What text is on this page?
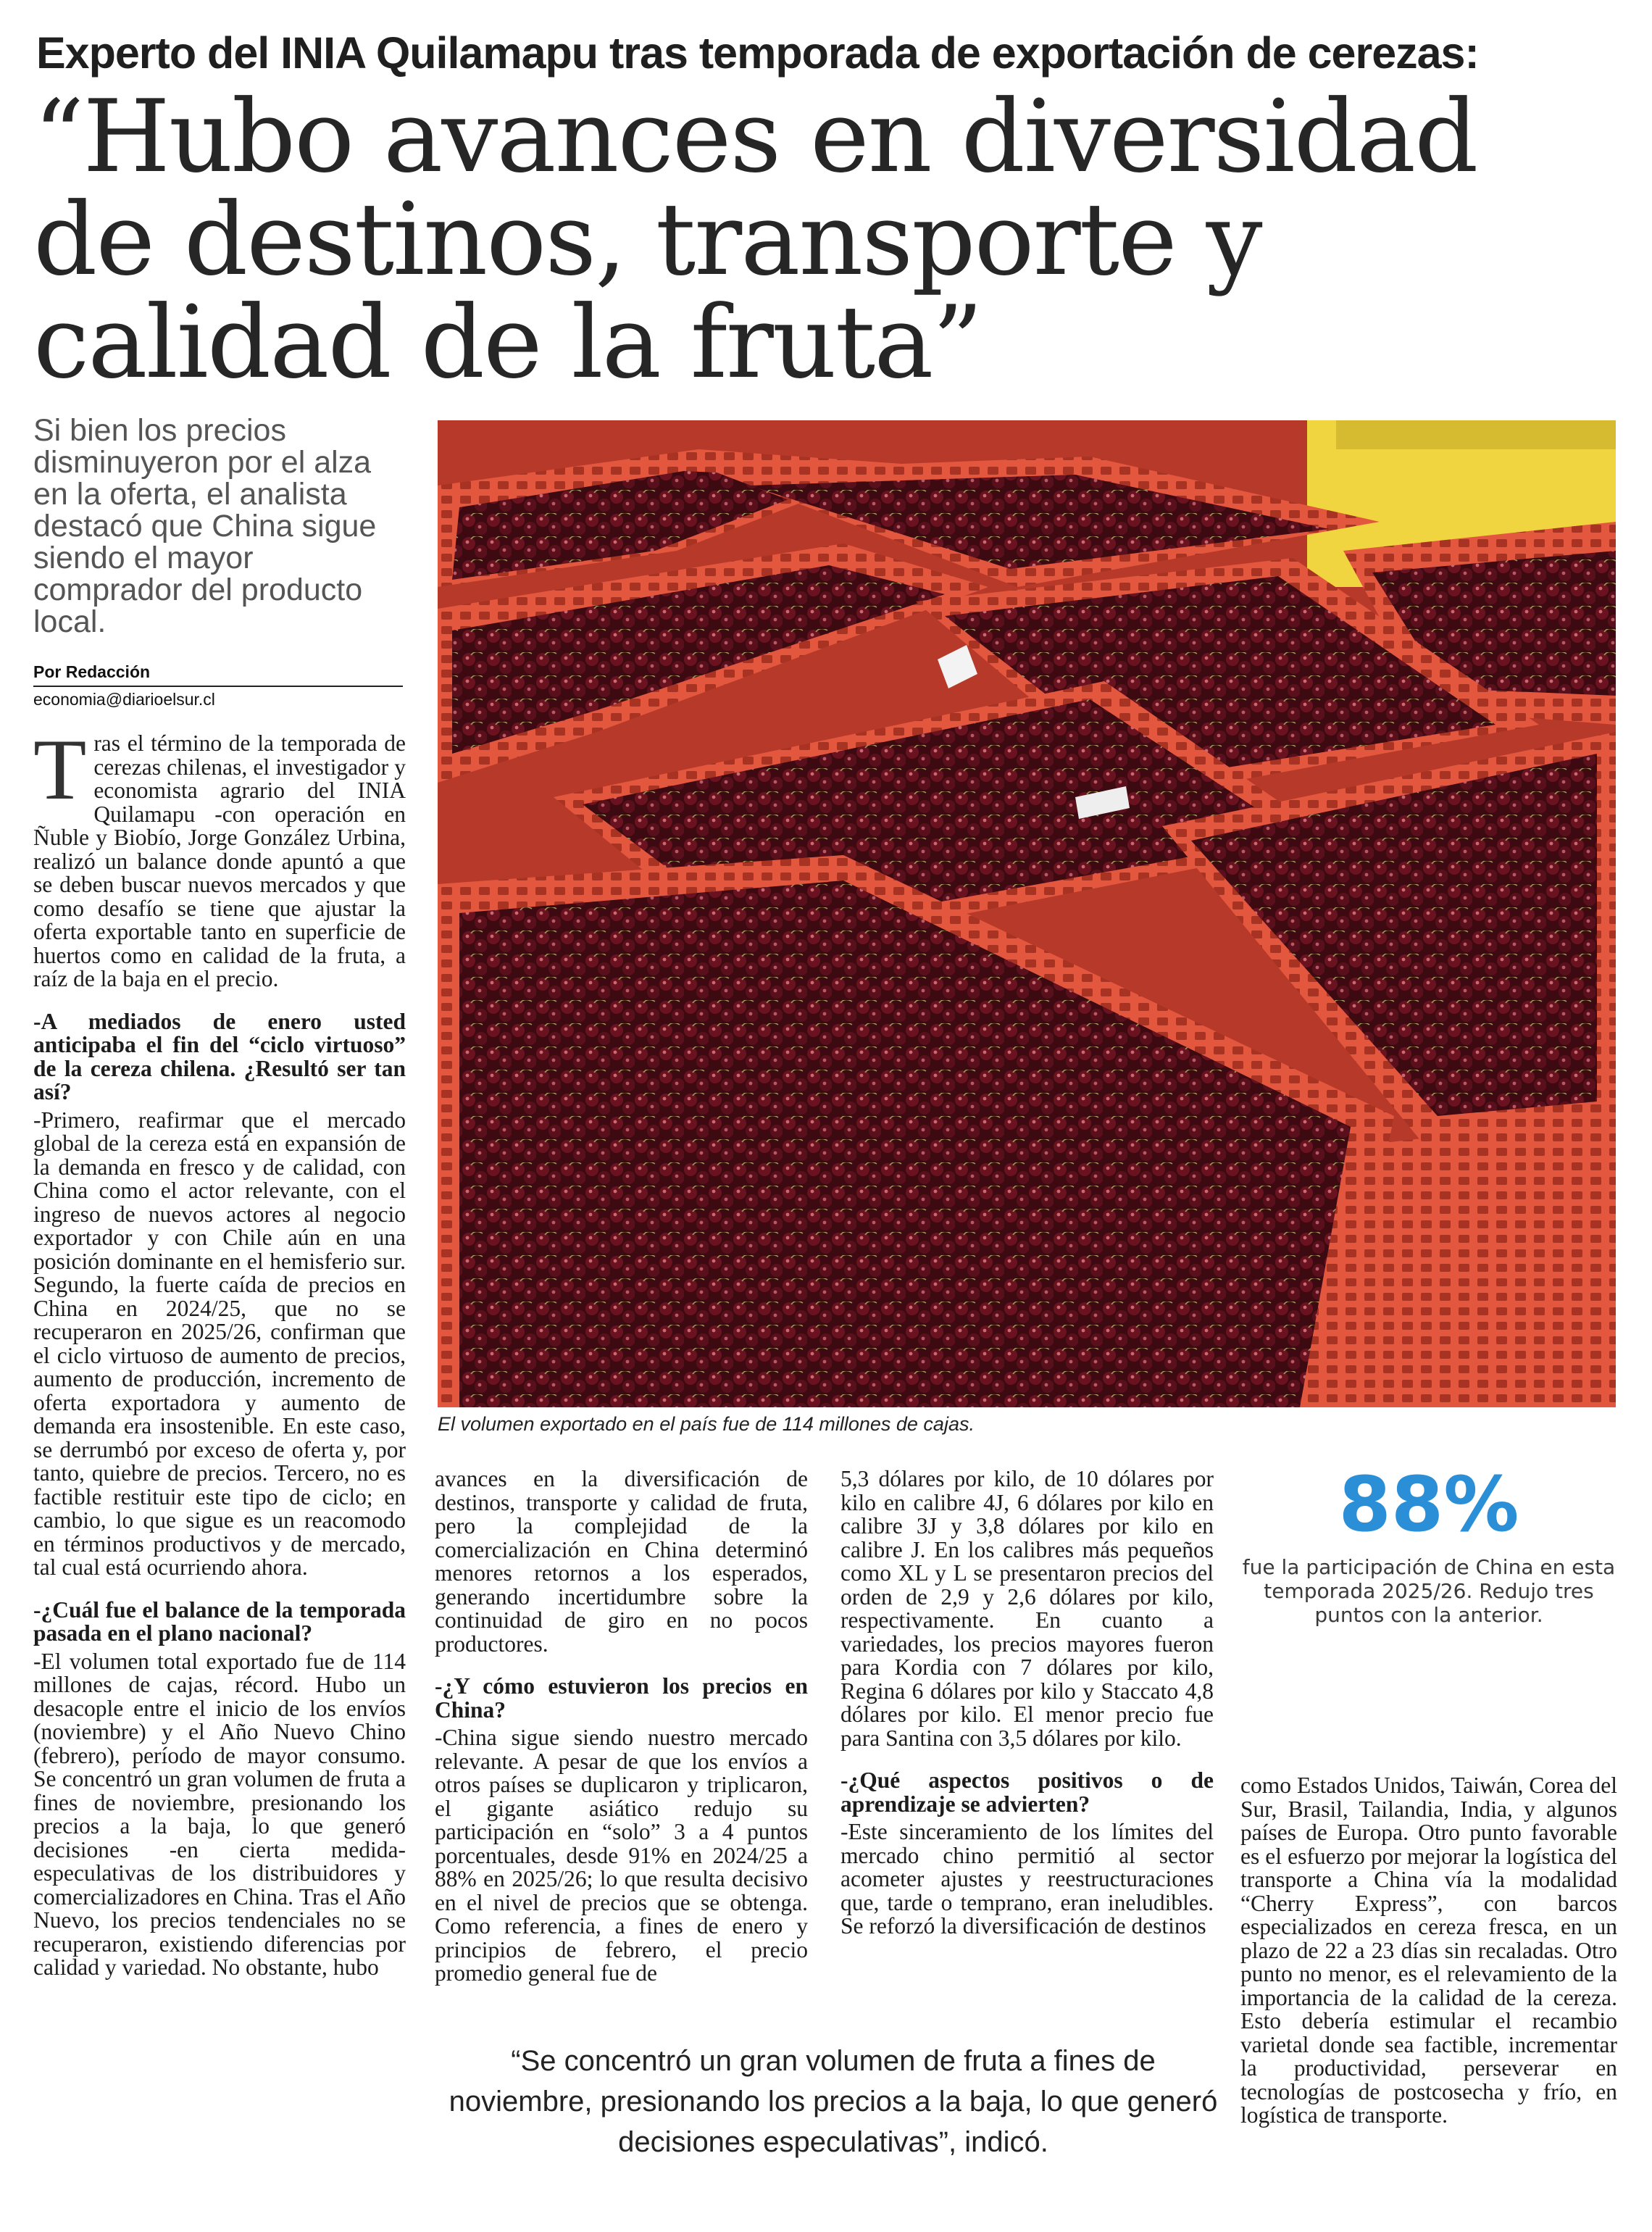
Experto del INIA Quilamapu tras temporada de exportación de cerezas:
“Hubo avances en diversidad
de destinos, transporte y
calidad de la fruta”
Si bien los precios disminuyeron por el alza en la oferta, el analista destacó que China sigue siendo el mayor comprador del producto local.
Por Redacción
economia@diarioelsur.cl
El volumen exportado en el país fue de 114 millones de cajas.

Tras el término de la temporada de cerezas chilenas, el investigador y economista agrario del INIA Quilamapu -con operación en Ñuble y Biobío, Jorge González Urbina, realizó un balance donde apuntó a que se deben buscar nuevos mercados y que como desafío se tiene que ajustar la oferta exportable tanto en superficie de huertos como en calidad de la fruta, a raíz de la baja en el precio.

-A mediados de enero usted anticipaba el fin del “ciclo virtuoso” de la cereza chilena. ¿Resultó ser tan así?

-Primero, reafirmar que el mercado global de la cereza está en expansión de la demanda en fresco y de calidad, con China como el actor relevante, con el ingreso de nuevos actores al negocio exportador y con Chile aún en una posición dominante en el hemisferio sur. Segundo, la fuerte caída de precios en China en 2024/25, que no se recuperaron en 2025/26, confirman que el ciclo virtuoso de aumento de precios, aumento de producción, incremento de oferta exportadora y aumento de demanda era insostenible. En este caso, se derrumbó por exceso de oferta y, por tanto, quiebre de precios. Tercero, no es factible restituir este tipo de ciclo; en cambio, lo que sigue es un reacomodo en términos productivos y de mercado, tal cual está ocurriendo ahora.

-¿Cuál fue el balance de la temporada pasada en el plano nacional?

-El volumen total exportado fue de 114 millones de cajas, récord. Hubo un desacople entre el inicio de los envíos (noviembre) y el Año Nuevo Chino (febrero), período de mayor consumo. Se concentró un gran volumen de fruta a fines de noviembre, presionando los precios a la baja, lo que generó decisiones -en cierta medida- especulativas de los distribuidores y comercializadores en China. Tras el Año Nuevo, los precios tendenciales no se recuperaron, existiendo diferencias por calidad y variedad. No obstante, hubo

avances en la diversificación de destinos, transporte y calidad de fruta, pero la complejidad de la comercialización en China determinó menores retornos a los esperados, generando incertidumbre sobre la continuidad de giro en no pocos productores.

-¿Y cómo estuvieron los precios en China?

-China sigue siendo nuestro mercado relevante. A pesar de que los envíos a otros países se duplicaron y triplicaron, el gigante asiático redujo su participación en “solo” 3 a 4 puntos porcentuales, desde 91% en 2024/25 a 88% en 2025/26; lo que resulta decisivo en el nivel de precios que se obtenga. Como referencia, a fines de enero y principios de febrero, el precio promedio general fue de

5,3 dólares por kilo, de 10 dólares por kilo en calibre 4J, 6 dólares por kilo en calibre 3J y 3,8 dólares por kilo en calibre J. En los calibres más pequeños como XL y L se presentaron precios del orden de 2,9 y 2,6 dólares por kilo, respectivamente. En cuanto a variedades, los precios mayores fueron para Kordia con 7 dólares por kilo, Regina 6 dólares por kilo y Staccato 4,8 dólares por kilo. El menor precio fue para Santina con 3,5 dólares por kilo.

-¿Qué aspectos positivos o de aprendizaje se advierten?

-Este sinceramiento de los límites del mercado chino permitió al sector acometer ajustes y reestructuraciones que, tarde o temprano, eran ineludibles. Se reforzó la diversificación de destinos

88%
fue la participación de China en esta temporada 2025/26. Redujo tres puntos con la anterior.

como Estados Unidos, Taiwán, Corea del Sur, Brasil, Tailandia, India, y algunos países de Europa. Otro punto favorable es el esfuerzo por mejorar la logística del transporte a China vía la modalidad “Cherry Express”, con barcos especializados en cereza fresca, en un plazo de 22 a 23 días sin recaladas. Otro punto no menor, es el relevamiento de la importancia de la calidad de la cereza. Esto debería estimular el recambio varietal donde sea factible, incrementar la productividad, perseverar en tecnologías de postcosecha y frío, en logística de transporte.

“Se concentró un gran volumen de fruta a fines de noviembre, presionando los precios a la baja, lo que generó decisiones especulativas”, indicó.
